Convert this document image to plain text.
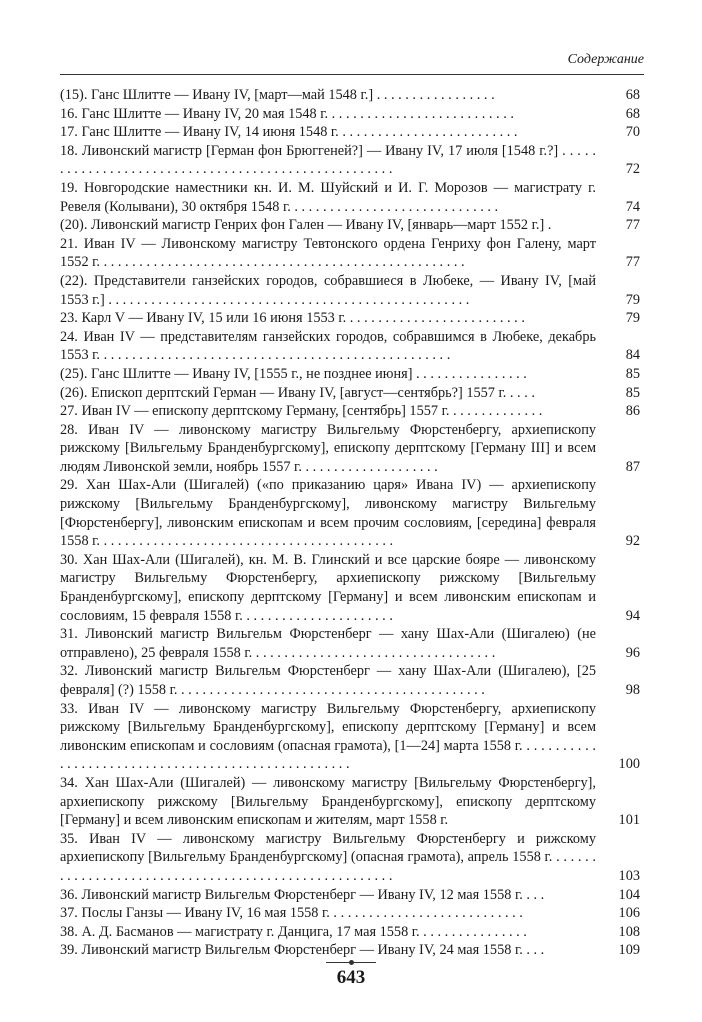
Содержание
(15). Ганс Шлитте — Ивану IV, [март—май 1548 г.] . . . . . . . . . . . . . . . . .	68
16. Ганс Шлитте — Ивану IV, 20 мая 1548 г. . . . . . . . . . . . . . . . . . . . . . . . . . .	68
17. Ганс Шлитте — Ивану IV, 14 июня 1548 г. . . . . . . . . . . . . . . . . . . . . . . . . .	70
18. Ливонский магистр [Герман фон Брюггеней?] — Ивану IV, 17 июля [1548 г.?] . . . . . . . . . . . . . . . . . . . . . . . . . . . . . . . . . . . . . . . . . . . . . . . . . . . .	72
19. Новгородские наместники кн. И. М. Шуйский и И. Г. Морозов — магистрату г. Ревеля (Колывани), 30 октября 1548 г. . . . . . . . . . . . . . . . . . . . . . . . . . . . . .	74
(20). Ливонский магистр Генрих фон Гален — Ивану IV, [январь—март 1552 г.] .	77
21. Иван IV — Ливонскому магистру Тевтонского ордена Генриху фон Галену, март 1552 г. . . . . . . . . . . . . . . . . . . . . . . . . . . . . . . . . . . . . . . . . . . . . . . . . . . .	77
(22). Представители ганзейских городов, собравшиеся в Любеке, — Ивану IV, [май 1553 г.] . . . . . . . . . . . . . . . . . . . . . . . . . . . . . . . . . . . . . . . . . . . . . . . . . . .	79
23. Карл V — Ивану IV, 15 или 16 июня 1553 г. . . . . . . . . . . . . . . . . . . . . . . . . .	79
24. Иван IV — представителям ганзейских городов, собравшимся в Любеке, декабрь 1553 г. . . . . . . . . . . . . . . . . . . . . . . . . . . . . . . . . . . . . . . . . . . . . . . . . .	84
(25). Ганс Шлитте — Ивану IV, [1555 г., не позднее июня] . . . . . . . . . . . . . . . .	85
(26). Епископ дерптский Герман — Ивану IV, [август—сентябрь?] 1557 г. . . . .	85
27. Иван IV — епископу дерптскому Герману, [сентябрь] 1557 г. . . . . . . . . . . . . .	86
28. Иван IV — ливонскому магистру Вильгельму Фюрстенбергу, архиепископу рижскому [Вильгельму Бранденбургскому], епископу дерптскому [Герману III] и всем людям Ливонской земли, ноябрь 1557 г. . . . . . . . . . . . . . . . . . . .	87
29. Хан Шах-Али (Шигалей) («по приказанию царя» Ивана IV) — архиепископу рижскому [Вильгельму Бранденбургскому], ливонскому магистру Вильгельму [Фюрстенбергу], ливонским епископам и всем прочим сословиям, [середина] февраля 1558 г. . . . . . . . . . . . . . . . . . . . . . . . . . . . . . . . . . . . . . . . . .	92
30. Хан Шах-Али (Шигалей), кн. М. В. Глинский и все царские бояре — ливонскому магистру Вильгельму Фюрстенбергу, архиепископу рижскому [Вильгельму Бранденбургскому], епископу дерптскому [Герману] и всем ливонским епископам и сословиям, 15 февраля 1558 г. . . . . . . . . . . . . . . . . . . . . .	94
31. Ливонский магистр Вильгельм Фюрстенберг — хану Шах-Али (Шигалею) (не отправлено), 25 февраля 1558 г. . . . . . . . . . . . . . . . . . . . . . . . . . . . . . . . . . .	96
32. Ливонский магистр Вильгельм Фюрстенберг — хану Шах-Али (Шигалею), [25 февраля] (?) 1558 г. . . . . . . . . . . . . . . . . . . . . . . . . . . . . . . . . . . . . . . . . . . .	98
33. Иван IV — ливонскому магистру Вильгельму Фюрстенбергу, архиепископу рижскому [Вильгельму Бранденбургскому], епископу дерптскому [Герману] и всем ливонским епископам и сословиям (опасная грамота), [1—24] марта 1558 г. . . . . . . . . . . . . . . . . . . . . . . . . . . . . . . . . . . . . . . . . . . . . . . . . . . .	100
34. Хан Шах-Али (Шигалей) — ливонскому магистру [Вильгельму Фюрстенбергу], архиепископу рижскому [Вильгельму Бранденбургскому], епископу дерптскому [Герману] и всем ливонским епископам и жителям, март 1558 г.	101
35. Иван IV — ливонскому магистру Вильгельму Фюрстенбергу и рижскому архиепископу [Вильгельму Бранденбургскому] (опасная грамота), апрель 1558 г. . . . . . . . . . . . . . . . . . . . . . . . . . . . . . . . . . . . . . . . . . . . . . . . . . . . . .	103
36. Ливонский магистр Вильгельм Фюрстенберг — Ивану IV, 12 мая 1558 г. . . .	104
37. Послы Ганзы — Ивану IV, 16 мая 1558 г. . . . . . . . . . . . . . . . . . . . . . . . . . . .	106
38. А. Д. Басманов — магистрату г. Данцига, 17 мая 1558 г. . . . . . . . . . . . . . . .	108
39. Ливонский магистр Вильгельм Фюрстенберг — Ивану IV, 24 мая 1558 г. . . .	109
643
